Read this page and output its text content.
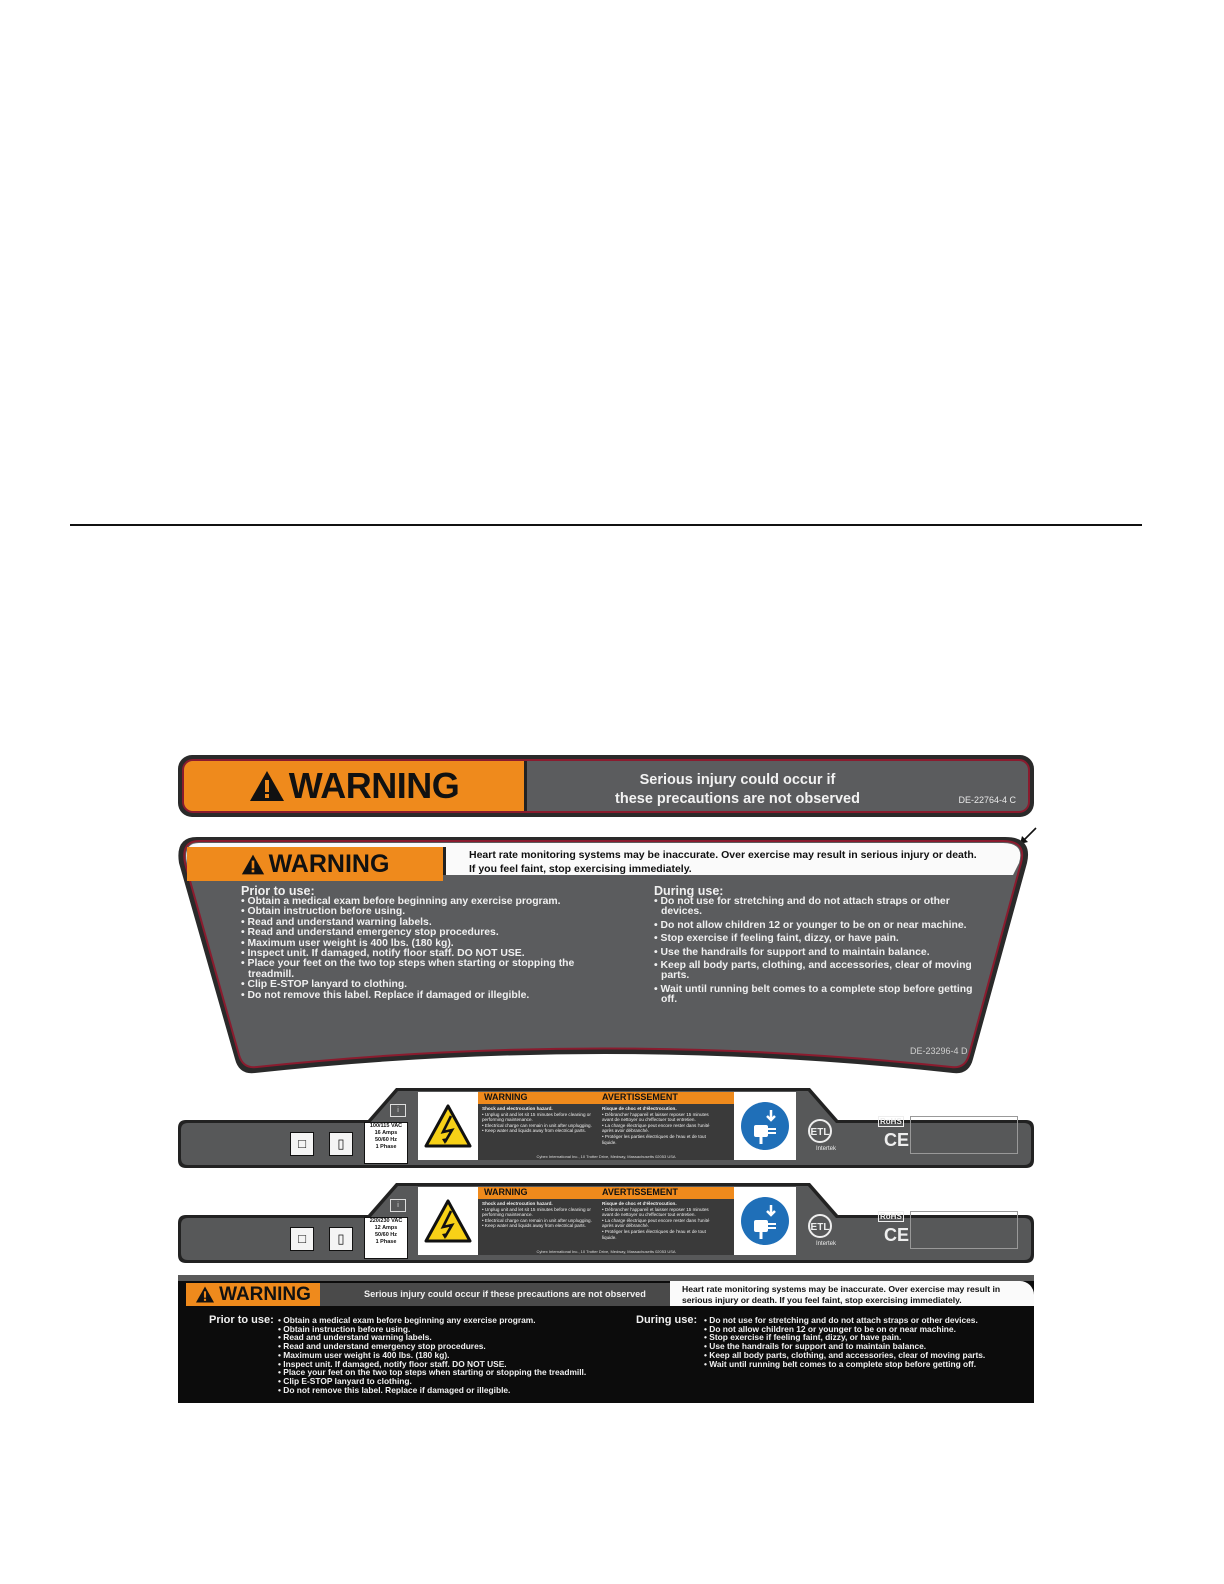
WARNING	Serious injury could occur if
these precautions are not observed	DE-22764-4 C
WARNING	Heart rate monitoring systems may be inaccurate. Over exercise may result in serious injury or death.
If you feel faint, stop exercising immediately.
Prior to use:
• Obtain a medical exam before beginning any exercise program.
• Obtain instruction before using.
• Read and understand warning labels.
• Read and understand emergency stop procedures.
• Maximum user weight is 400 lbs. (180 kg).
• Inspect unit. If damaged, notify floor staff. DO NOT USE.
• Place your feet on the two top steps when starting or stopping the treadmill.
• Clip E-STOP lanyard to clothing.
• Do not remove this label. Replace if damaged or illegible.
During use:
• Do not use for stretching and do not attach straps or other devices.
• Do not allow children 12 or younger to be on or near machine.
• Stop exercise if feeling faint, dizzy, or have pain.
• Use the handrails for support and to maintain balance.
• Keep all body parts, clothing, and accessories, clear of moving parts.
• Wait until running belt comes to a complete stop before getting off.
DE-23296-4 D
□	▯
i
100/115 VAC
16 Amps
50/60 Hz
1 Phase
WARNING	AVERTISSEMENT
Shock and electrocution hazard.
• Unplug unit and let sit 15 minutes before cleaning or performing maintenance.
• Electrical charge can remain in unit after unplugging.
• Keep water and liquids away from electrical parts.
Risque de choc et d'électrocution.
• Débrancher l'appareil et laisser reposer 15 minutes avant de nettoyer ou d'effectuer tout entretien.
• La charge électrique peut encore rester dans l'unité après avoir débranché.
• Protéger les parties électriques de l'eau et de tout liquide.
Cybex International Inc., 10 Trotter Drive, Medway, Massachusetts 02053 USA
ETL
Intertek
RoHS
CE
□	▯
i
220/230 VAC
12 Amps
50/60 Hz
1 Phase
WARNING	AVERTISSEMENT
Shock and electrocution hazard.
• Unplug unit and let sit 15 minutes before cleaning or performing maintenance.
• Electrical charge can remain in unit after unplugging.
• Keep water and liquids away from electrical parts.
Risque de choc et d'électrocution.
• Débrancher l'appareil et laisser reposer 15 minutes avant de nettoyer ou d'effectuer tout entretien.
• La charge électrique peut encore rester dans l'unité après avoir débranché.
• Protéger les parties électriques de l'eau et de tout liquide.
Cybex International Inc., 10 Trotter Drive, Medway, Massachusetts 02053 USA
ETL
Intertek
RoHS
CE
WARNING	Serious injury could occur if these precautions are not observed	Heart rate monitoring systems may be inaccurate. Over exercise may result in
serious injury or death. If you feel faint, stop exercising immediately.
Prior to use:	• Obtain a medical exam before beginning any exercise program.
• Obtain instruction before using.
• Read and understand warning labels.
• Read and understand emergency stop procedures.
• Maximum user weight is 400 lbs. (180 kg).
• Inspect unit. If damaged, notify floor staff. DO NOT USE.
• Place your feet on the two top steps when starting or stopping the treadmill.
• Clip E-STOP lanyard to clothing.
• Do not remove this label. Replace if damaged or illegible.
During use:	• Do not use for stretching and do not attach straps or other devices.
• Do not allow children 12 or younger to be on or near machine.
• Stop exercise if feeling faint, dizzy, or have pain.
• Use the handrails for support and to maintain balance.
• Keep all body parts, clothing, and accessories, clear of moving parts.
• Wait until running belt comes to a complete stop before getting off.
